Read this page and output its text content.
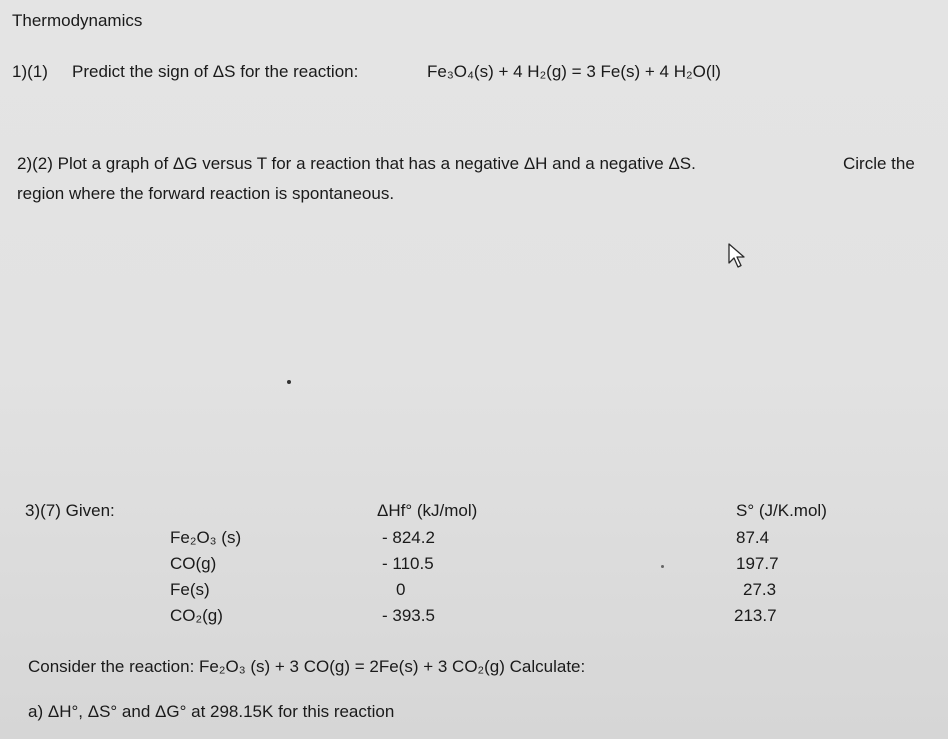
Thermodynamics
1)(1) Predict the sign of ΔS for the reaction:	Fe₃O₄(s) + 4 H₂(g) = 3 Fe(s) + 4 H₂O(l)
2)(2) Plot a graph of ΔG versus T for a reaction that has a negative ΔH and a negative ΔS.	Circle the
region where the forward reaction is spontaneous.
3)(7) Given:	ΔHf° (kJ/mol)	S° (J/K.mol)
Fe₂O₃ (s)	- 824.2	87.4
CO(g)	- 110.5	197.7
Fe(s)	0	27.3
CO₂(g)	- 393.5	213.7
Consider the reaction: Fe₂O₃ (s) + 3 CO(g) = 2Fe(s) + 3 CO₂(g) Calculate:
a) ΔH°, ΔS° and ΔG° at 298.15K for this reaction
